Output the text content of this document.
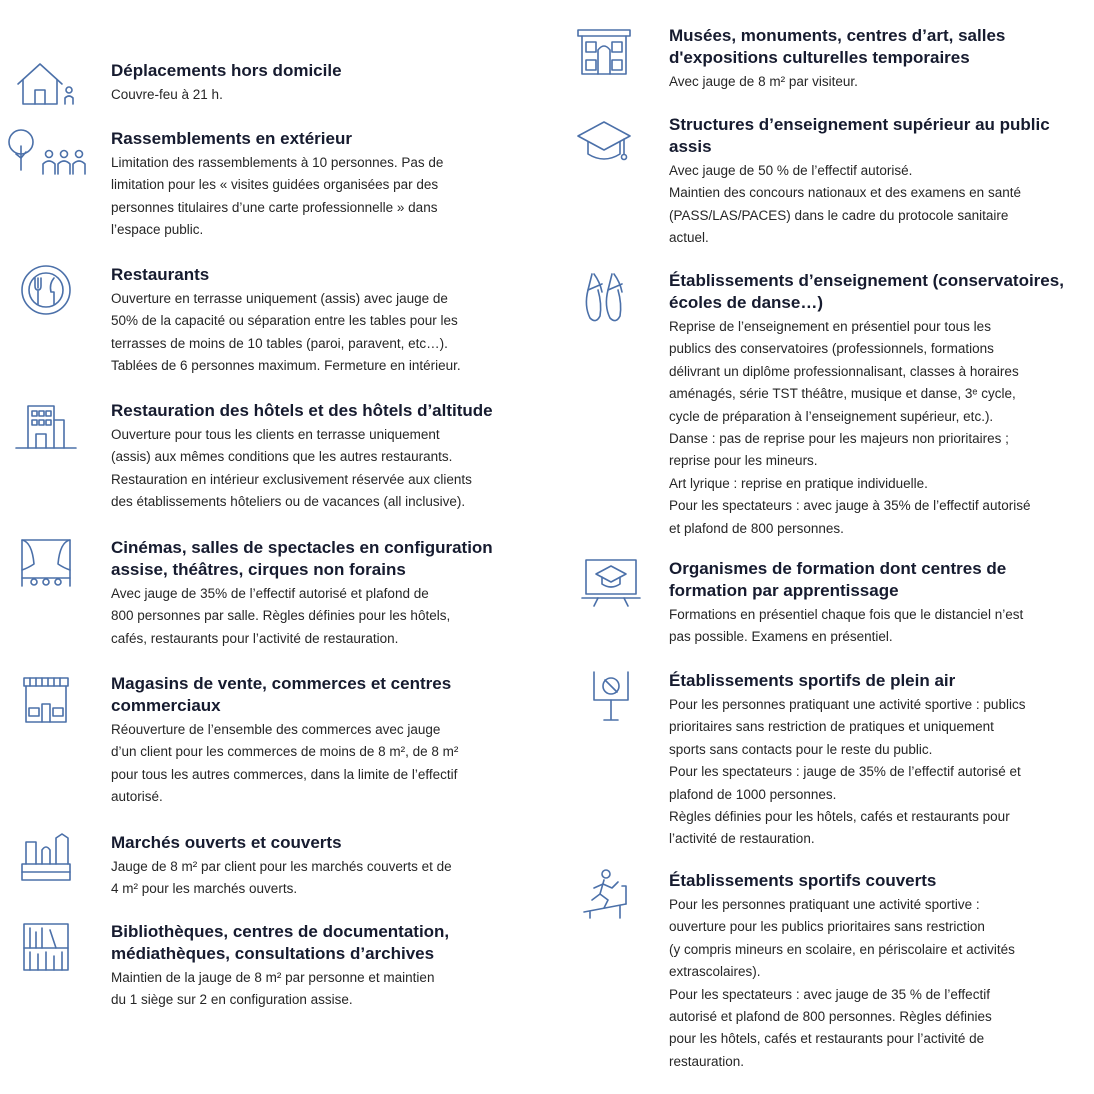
Déplacements hors domicile
Couvre-feu à 21 h.
Rassemblements en extérieur
Limitation des rassemblements à 10 personnes. Pas de
limitation pour les « visites guidées organisées par des
personnes titulaires d’une carte professionnelle » dans
l’espace public.
Restaurants
Ouverture en terrasse uniquement (assis) avec jauge de
50% de la capacité ou séparation entre les tables pour les
terrasses de moins de 10 tables (paroi, paravent, etc…).
Tablées de 6 personnes maximum. Fermeture en intérieur.
Restauration des hôtels et des hôtels d’altitude
Ouverture pour tous les clients en terrasse uniquement
(assis) aux mêmes conditions que les autres restaurants.
Restauration en intérieur exclusivement réservée aux clients
des établissements hôteliers ou de vacances (all inclusive).
Cinémas, salles de spectacles en configuration assise, théâtres, cirques non forains
Avec jauge de 35% de l’effectif autorisé et plafond de
800 personnes par salle. Règles définies pour les hôtels,
cafés, restaurants pour l’activité de restauration.
Magasins de vente, commerces et centres commerciaux
Réouverture de l’ensemble des commerces avec jauge
d’un client pour les commerces de moins de 8 m², de 8 m²
pour tous les autres commerces, dans la limite de l’effectif
autorisé.
Marchés ouverts et couverts
Jauge de 8 m² par client pour les marchés couverts et de
4 m² pour les marchés ouverts.
Bibliothèques, centres de documentation, médiathèques, consultations d’archives
Maintien de la jauge de 8 m² par personne et maintien
du 1 siège sur 2 en configuration assise.
Musées, monuments, centres d’art, salles d'expositions culturelles temporaires
Avec jauge de 8 m² par visiteur.
Structures d’enseignement supérieur au public assis
Avec jauge de 50 % de l’effectif autorisé.
Maintien des concours nationaux et des examens en santé
(PASS/LAS/PACES) dans le cadre du protocole sanitaire
actuel.
Établissements d’enseignement (conservatoires, écoles de danse…)
Reprise de l’enseignement en présentiel pour tous les
publics des conservatoires (professionnels, formations
délivrant un diplôme professionnalisant, classes à horaires
aménagés, série TST théâtre, musique et danse, 3ᵉ cycle,
cycle de préparation à l’enseignement supérieur, etc.).
Danse : pas de reprise pour les majeurs non prioritaires ;
reprise pour les mineurs.
Art lyrique : reprise en pratique individuelle.
Pour les spectateurs : avec jauge à 35% de l’effectif autorisé
et plafond de 800 personnes.
Organismes de formation dont centres de formation par apprentissage
Formations en présentiel chaque fois que le distanciel n’est
pas possible. Examens en présentiel.
Établissements sportifs de plein air
Pour les personnes pratiquant une activité sportive : publics
prioritaires sans restriction de pratiques et uniquement
sports sans contacts pour le reste du public.
Pour les spectateurs : jauge de 35% de l’effectif autorisé et
plafond de 1000 personnes.
Règles définies pour les hôtels, cafés et restaurants pour
l’activité de restauration.
Établissements sportifs couverts
Pour les personnes pratiquant une activité sportive :
ouverture pour les publics prioritaires sans restriction
(y compris mineurs en scolaire, en périscolaire et activités
extrascolaires).
Pour les spectateurs : avec jauge de 35 % de l’effectif
autorisé et plafond de 800 personnes. Règles définies
pour les hôtels, cafés et restaurants pour l’activité de
restauration.
